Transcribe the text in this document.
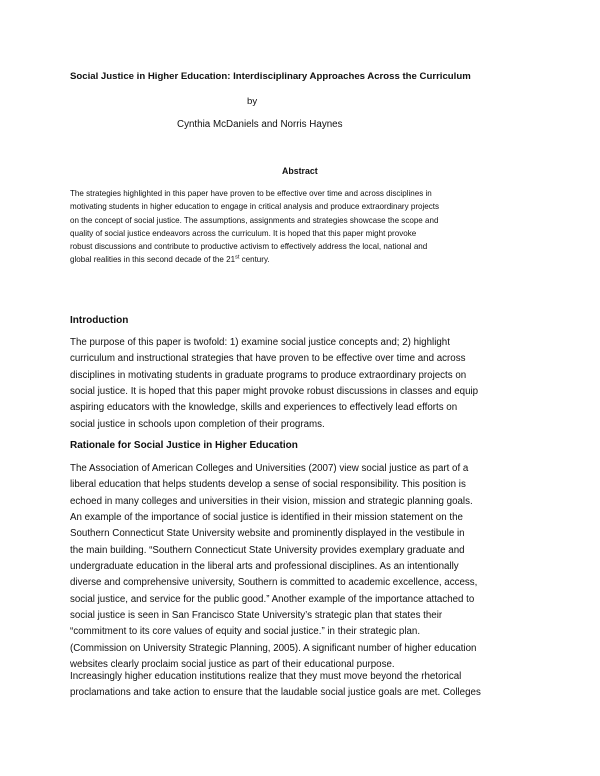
Social Justice in Higher Education: Interdisciplinary Approaches Across the Curriculum
by
Cynthia McDaniels and Norris Haynes
Abstract
The strategies highlighted in this paper have proven to be effective over time and across disciplines in
motivating students in higher education to engage in critical analysis and produce extraordinary projects
on the concept of social justice. The assumptions, assignments and strategies showcase the scope and
quality of social justice endeavors across the curriculum. It is hoped that this paper might provoke
robust discussions and contribute to productive activism to effectively address the local, national and
global realities in this second decade of the 21st century.
Introduction
The purpose of this paper is twofold: 1) examine social justice concepts and; 2) highlight
curriculum and instructional strategies that have proven to be effective over time and across
disciplines in motivating students in graduate programs to produce extraordinary projects on
social justice. It is hoped that this paper might provoke robust discussions in classes and equip
aspiring educators with the knowledge, skills and experiences to effectively lead efforts on
social justice in schools upon completion of their programs.
Rationale for Social Justice in Higher Education
The Association of American Colleges and Universities (2007) view social justice as part of a
liberal education that helps students develop a sense of social responsibility. This position is
echoed in many colleges and universities in their vision, mission and strategic planning goals.
An example of the importance of social justice is identified in their mission statement on the
Southern Connecticut State University website and prominently displayed in the vestibule in
the main building. “Southern Connecticut State University provides exemplary graduate and
undergraduate education in the liberal arts and professional disciplines. As an intentionally
diverse and comprehensive university, Southern is committed to academic excellence, access,
social justice, and service for the public good.” Another example of the importance attached to
social justice is seen in San Francisco State University’s strategic plan that states their
“commitment to its core values of equity and social justice.” in their strategic plan.
(Commission on University Strategic Planning, 2005). A significant number of higher education
websites clearly proclaim social justice as part of their educational purpose.
Increasingly higher education institutions realize that they must move beyond the rhetorical
proclamations and take action to ensure that the laudable social justice goals are met. Colleges
